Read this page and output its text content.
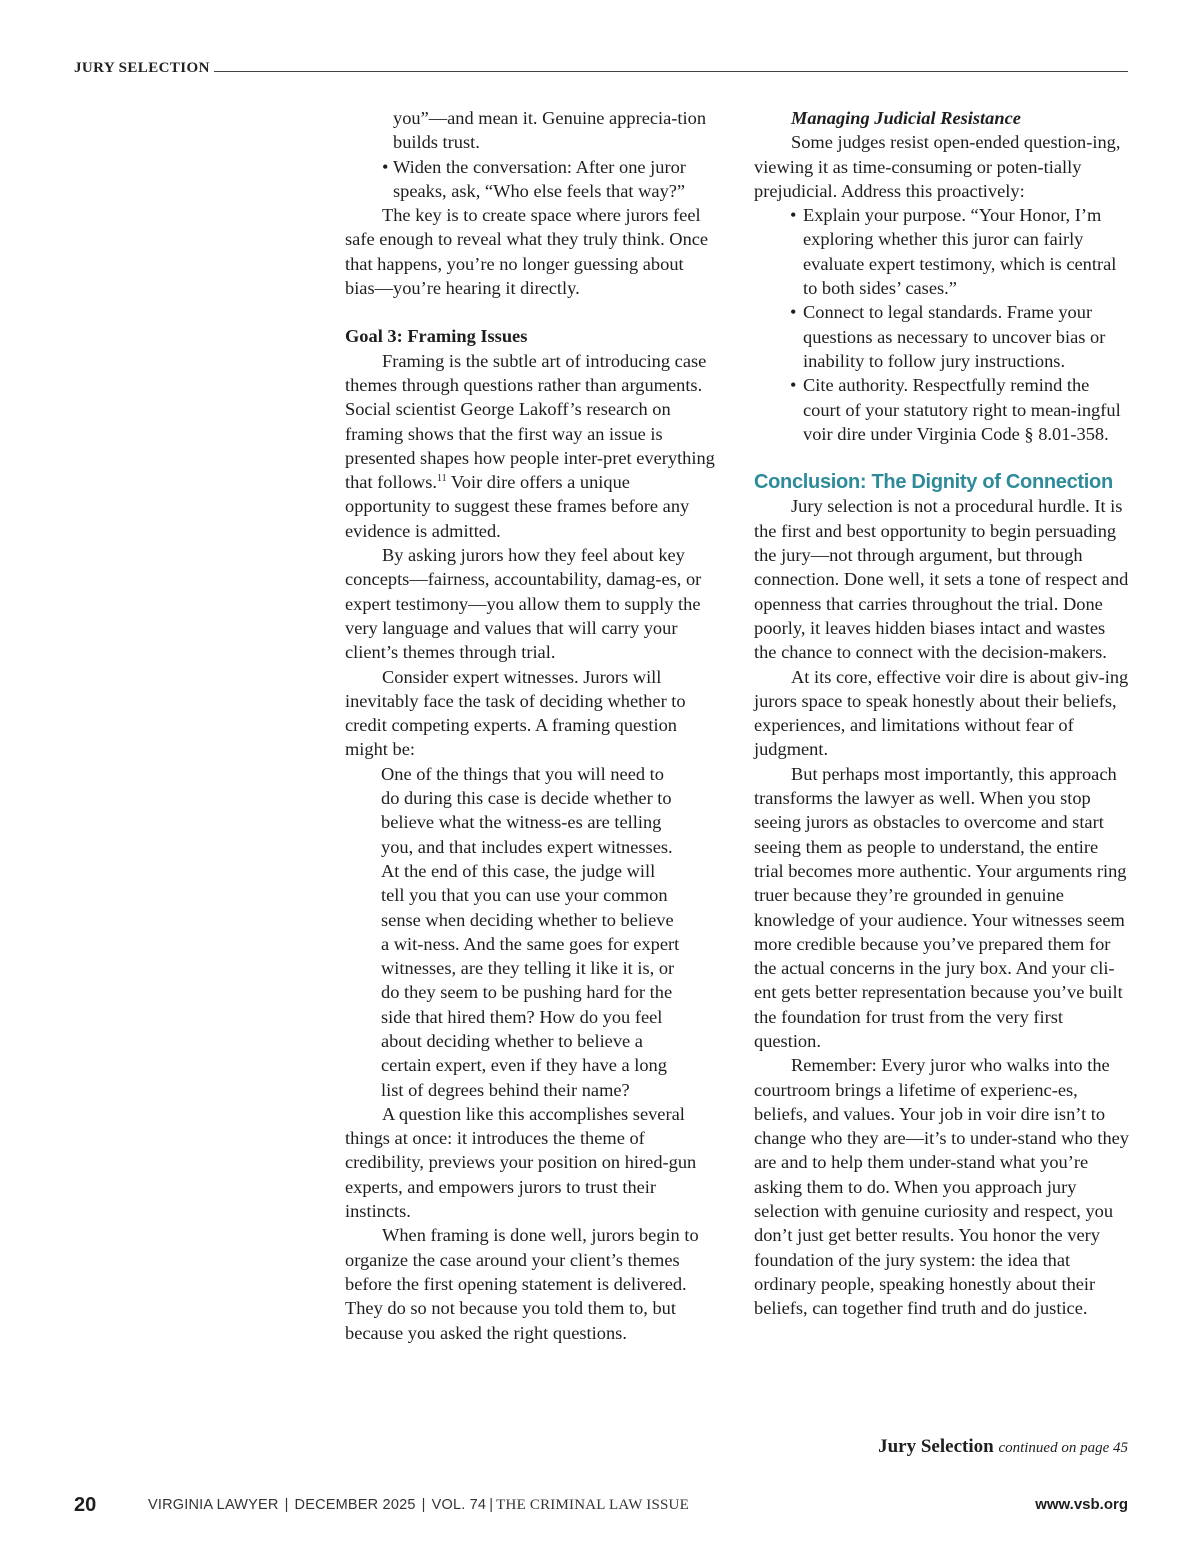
JURY SELECTION
you”—and mean it. Genuine apprecia-tion builds trust.
• Widen the conversation: After one juror speaks, ask, “Who else feels that way?”

The key is to create space where jurors feel safe enough to reveal what they truly think. Once that happens, you’re no longer guessing about bias—you’re hearing it directly.

Goal 3: Framing Issues

Framing is the subtle art of introducing case themes through questions rather than arguments. Social scientist George Lakoff’s research on framing shows that the first way an issue is presented shapes how people inter-pret everything that follows.$^{11}$ Voir dire offers a unique opportunity to suggest these frames before any evidence is admitted.

By asking jurors how they feel about key concepts—fairness, accountability, damag-es, or expert testimony—you allow them to supply the very language and values that will carry your client’s themes through trial.

Consider expert witnesses. Jurors will inevitably face the task of deciding whether to credit competing experts. A framing question might be:

One of the things that you will need to do during this case is decide whether to believe what the witness-es are telling you, and that includes expert witnesses. At the end of this case, the judge will tell you that you can use your common sense when deciding whether to believe a wit-ness. And the same goes for expert witnesses, are they telling it like it is, or do they seem to be pushing hard for the side that hired them? How do you feel about deciding whether to believe a certain expert, even if they have a long list of degrees behind their name?

A question like this accomplishes several things at once: it introduces the theme of credibility, previews your position on hired-gun experts, and empowers jurors to trust their instincts.

When framing is done well, jurors begin to organize the case around your client’s themes before the first opening statement is delivered. They do so not because you told them to, but because you asked the right questions.

Managing Judicial Resistance

Some judges resist open-ended question-ing, viewing it as time-consuming or poten-tially prejudicial. Address this proactively:

• Explain your purpose. “Your Honor, I’m exploring whether this juror can fairly evaluate expert testimony, which is central to both sides’ cases.”
• Connect to legal standards. Frame your questions as necessary to uncover bias or inability to follow jury instructions.
• Cite authority. Respectfully remind the court of your statutory right to mean-ingful voir dire under Virginia Code § 8.01-358.

Conclusion: The Dignity of Connection

Jury selection is not a procedural hurdle. It is the first and best opportunity to begin persuading the jury—not through argument, but through connection. Done well, it sets a tone of respect and openness that carries throughout the trial. Done poorly, it leaves hidden biases intact and wastes the chance to connect with the decision-makers.

At its core, effective voir dire is about giv-ing jurors space to speak honestly about their beliefs, experiences, and limitations without fear of judgment.

But perhaps most importantly, this approach transforms the lawyer as well. When you stop seeing jurors as obstacles to overcome and start seeing them as people to understand, the entire trial becomes more authentic. Your arguments ring truer because they’re grounded in genuine knowledge of your audience. Your witnesses seem more credible because you’ve prepared them for the actual concerns in the jury box. And your cli-ent gets better representation because you’ve built the foundation for trust from the very first question.

Remember: Every juror who walks into the courtroom brings a lifetime of experienc-es, beliefs, and values. Your job in voir dire isn’t to change who they are—it’s to under-stand who they are and to help them under-stand what you’re asking them to do. When you approach jury selection with genuine curiosity and respect, you don’t just get better results. You honor the very foundation of the jury system: the idea that ordinary people, speaking honestly about their beliefs, can together find truth and do justice.

Jury Selection continued on page 45
20	VIRGINIA LAWYER | DECEMBER 2025 | VOL. 74 | THE CRIMINAL LAW ISSUE	www.vsb.org
